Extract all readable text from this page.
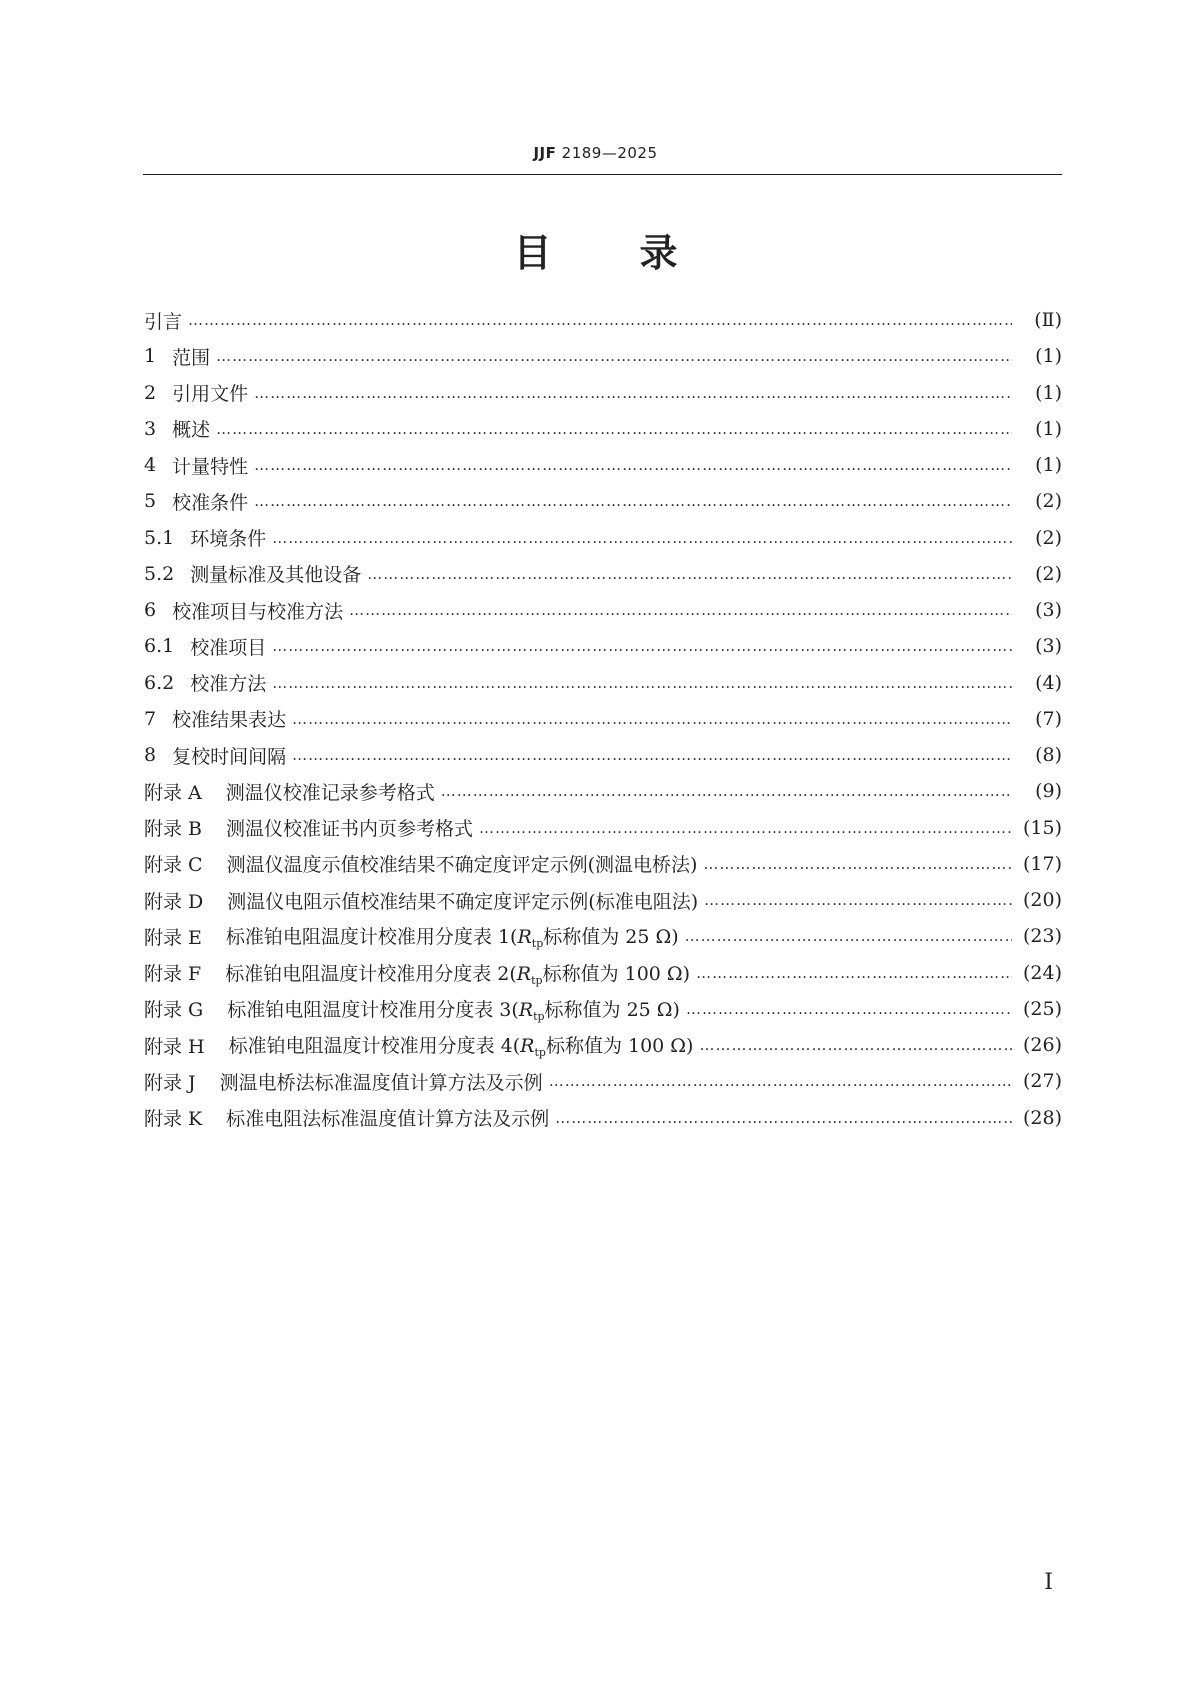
JJF 2189—2025
目 录
引言 …………………………………………………………………………………………………………………………………………………	(Ⅱ)
1 范围 …………………………………………………………………………………………………………………………………………………	(1)
2 引用文件 …………………………………………………………………………………………………………………………………………………	(1)
3 概述 …………………………………………………………………………………………………………………………………………………	(1)
4 计量特性 …………………………………………………………………………………………………………………………………………………	(1)
5 校准条件 …………………………………………………………………………………………………………………………………………………	(2)
5.1 环境条件 …………………………………………………………………………………………………………………………………………………	(2)
5.2 测量标准及其他设备 …………………………………………………………………………………………………………………………………………………	(2)
6 校准项目与校准方法 …………………………………………………………………………………………………………………………………………………	(3)
6.1 校准项目 …………………………………………………………………………………………………………………………………………………	(3)
6.2 校准方法 …………………………………………………………………………………………………………………………………………………	(4)
7 校准结果表达 …………………………………………………………………………………………………………………………………………………	(7)
8 复校时间间隔 …………………………………………………………………………………………………………………………………………………	(8)
附录 A 测温仪校准记录参考格式 …………………………………………………………………………………………………………………………………………………	(9)
附录 B 测温仪校准证书内页参考格式 …………………………………………………………………………………………………………………………………………………	(15)
附录 C 测温仪温度示值校准结果不确定度评定示例(测温电桥法) …………………………………………………………………………………………………………………………………………………	(17)
附录 D 测温仪电阻示值校准结果不确定度评定示例(标准电阻法) …………………………………………………………………………………………………………………………………………………	(20)
附录 E 标准铂电阻温度计校准用分度表 $1(R_{tp}$标称值为 25 Ω) …………………………………………………………………………………………………………………………………………………	(23)
附录 F 标准铂电阻温度计校准用分度表 $2(R_{tp}$标称值为 100 Ω) …………………………………………………………………………………………………………………………………………………	(24)
附录 G 标准铂电阻温度计校准用分度表 $3(R_{tp}$标称值为 25 Ω) …………………………………………………………………………………………………………………………………………………	(25)
附录 H 标准铂电阻温度计校准用分度表 $4(R_{tp}$标称值为 100 Ω) …………………………………………………………………………………………………………………………………………………	(26)
附录 J 测温电桥法标准温度值计算方法及示例 …………………………………………………………………………………………………………………………………………………	(27)
附录 K 标准电阻法标准温度值计算方法及示例 …………………………………………………………………………………………………………………………………………………	(28)
Ⅰ
